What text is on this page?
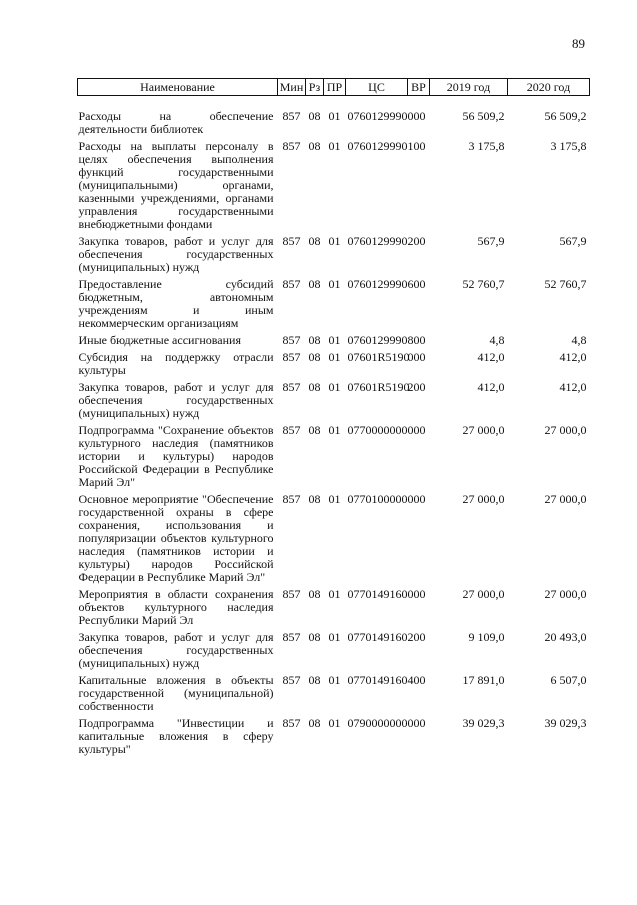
89
Наименование	Мин	Рз	ПР	ЦС	ВР	2019 год	2020 год
Расходы на обеспечение деятельности библиотек	857	08	01	0760129990	000	56 509,2	56 509,2
Расходы на выплаты персоналу в целях обеспечения выполнения функций государственными (муниципальными) органами, казенными учреждениями, органами управления государственными внебюджетными фондами	857	08	01	0760129990	100	3 175,8	3 175,8
Закупка товаров, работ и услуг для обеспечения государственных (муниципальных) нужд	857	08	01	0760129990	200	567,9	567,9
Предоставление субсидий бюджетным, автономным учреждениям и иным некоммерческим организациям	857	08	01	0760129990	600	52 760,7	52 760,7
Иные бюджетные ассигнования	857	08	01	0760129990	800	4,8	4,8
Субсидия на поддержку отрасли культуры	857	08	01	07601R5190	000	412,0	412,0
Закупка товаров, работ и услуг для обеспечения государственных (муниципальных) нужд	857	08	01	07601R5190	200	412,0	412,0
Подпрограмма "Сохранение объектов культурного наследия (памятников истории и культуры) народов Российской Федерации в Республике Марий Эл"	857	08	01	0770000000	000	27 000,0	27 000,0
Основное мероприятие "Обеспечение государственной охраны в сфере сохранения, использования и популяризации объектов культурного наследия (памятников истории и культуры) народов Российской Федерации в Республике Марий Эл"	857	08	01	0770100000	000	27 000,0	27 000,0
Мероприятия в области сохранения объектов культурного наследия Республики Марий Эл	857	08	01	0770149160	000	27 000,0	27 000,0
Закупка товаров, работ и услуг для обеспечения государственных (муниципальных) нужд	857	08	01	0770149160	200	9 109,0	20 493,0
Капитальные вложения в объекты государственной (муниципальной) собственности	857	08	01	0770149160	400	17 891,0	6 507,0
Подпрограмма "Инвестиции и капитальные вложения в сферу культуры"	857	08	01	0790000000	000	39 029,3	39 029,3
